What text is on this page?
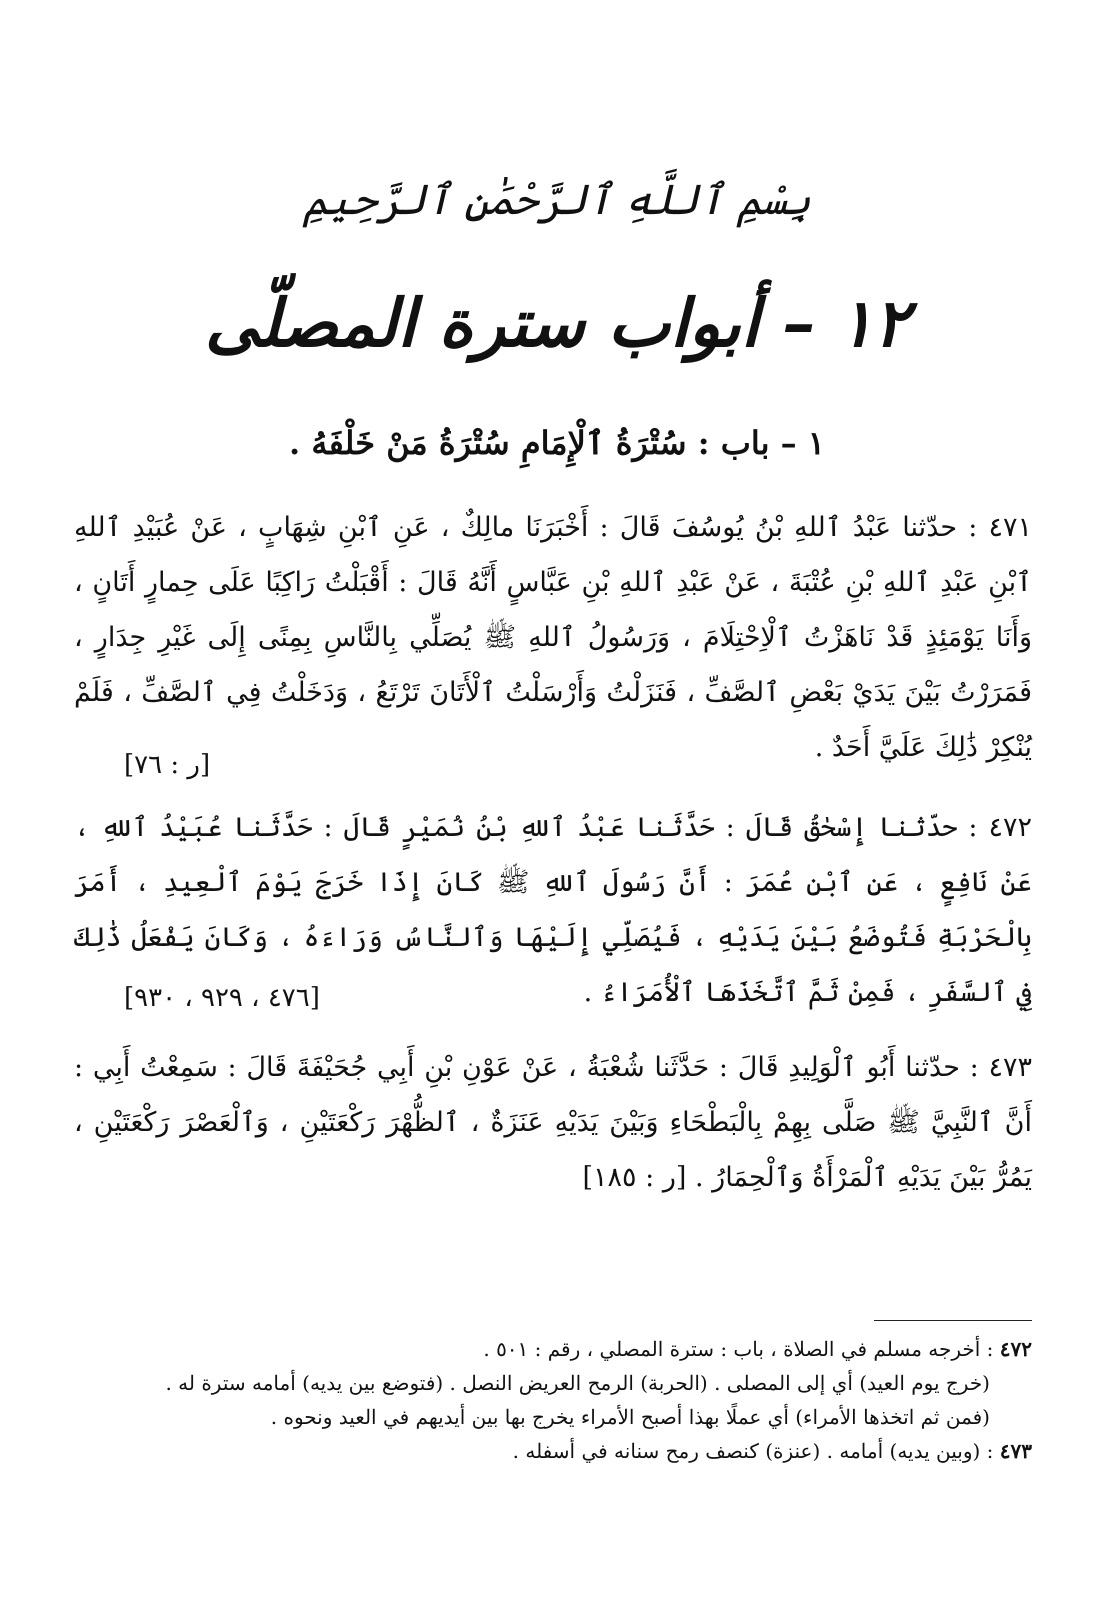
بِسْمِ ٱللَّهِ ٱلرَّحْمَٰنِ ٱلرَّحِيمِ
١٢ – أبواب سترة المصلّى
١ – باب : سُتْرَةُ ٱلْإِمَامِ سُتْرَةُ مَنْ خَلْفَهُ .
٤٧١ : حدّثنا عَبْدُ ٱللهِ بْنُ يُوسُفَ قَالَ : أَخْبَرَنَا مالِكٌ ، عَنِ ٱبْنِ شِهَابٍ ، عَنْ عُبَيْدِ ٱللهِ ٱبْنِ عَبْدِ ٱللهِ بْنِ عُتْبَةَ ، عَنْ عَبْدِ ٱللهِ بْنِ عَبَّاسٍ أَنَّهُ قَالَ : أَقْبَلْتُ رَاكِبًا عَلَى حِمارٍ أَتَانٍ ، وَأَنَا يَوْمَئِذٍ قَدْ نَاهَزْتُ ٱلْاِحْتِلَامَ ، وَرَسُولُ ٱللهِ ﷺ يُصَلِّي بِالنَّاسِ بِمِنًى إِلَى غَيْرِ جِدَارٍ ، فَمَرَرْتُ بَيْنَ يَدَيْ بَعْضِ ٱلصَّفِّ ، فَنَزَلْتُ وَأَرْسَلْتُ ٱلْأَتَانَ تَرْتَعُ ، وَدَخَلْتُ فِي ٱلصَّفِّ ، فَلَمْ يُنْكِرْ ذَٰلِكَ عَلَيَّ أَحَدٌ .
[ر : ٧٦]
٤٧٢ : حدّثنا إِسْحٰقُ قَالَ : حَدَّثَنا عَبْدُ ٱللهِ بْنُ نُمَيْرٍ قَالَ : حَدَّثَنا عُبَيْدُ ٱللهِ ، عَنْ نَافِعٍ ، عَنِ ٱبْنِ عُمَرَ : أَنَّ رَسُولَ ٱللهِ ﷺ كَانَ إِذَا خَرَجَ يَوْمَ ٱلْعِيدِ ، أَمَرَ بِالْحَرْبَةِ فَتُوضَعُ بَيْنَ يَدَيْهِ ، فَيُصَلِّي إِلَيْهَا وَٱلنَّاسُ وَرَاءَهُ ، وَكَانَ يَفْعَلُ ذَٰلِكَ فِي ٱلسَّفَرِ ، فَمِنْ ثَمَّ ٱتَّخَذَهَا ٱلْأُمَرَاءُ .
[٤٧٦ ، ٩٢٩ ، ٩٣٠]
٤٧٣ : حدّثنا أَبُو ٱلْوَلِيدِ قَالَ : حَدَّثَنا شُعْبَةُ ، عَنْ عَوْنِ بْنِ أَبِي جُحَيْفَةَ قَالَ : سَمِعْتُ أَبِي : أَنَّ ٱلنَّبِيَّ ﷺ صَلَّى بِهِمْ بِالْبَطْحَاءِ وَبَيْنَ يَدَيْهِ عَنَزَةٌ ، ٱلظُّهْرَ رَكْعَتَيْنِ ، وَٱلْعَصْرَ رَكْعَتَيْنِ ، يَمُرُّ بَيْنَ يَدَيْهِ ٱلْمَرْأَةُ وَٱلْحِمَارُ . [ر : ١٨٥]
٤٧٢ : أخرجه مسلم في الصلاة ، باب : سترة المصلي ، رقم : ٥٠١ .
(خرج يوم العيد) أي إلى المصلى . (الحربة) الرمح العريض النصل . (فتوضع بين يديه) أمامه سترة له .
(فمن ثم اتخذها الأمراء) أي عملًا بهذا أصبح الأمراء يخرج بها بين أيديهم في العيد ونحوه .
٤٧٣ : (وبين يديه) أمامه . (عنزة) كنصف رمح سنانه في أسفله .
